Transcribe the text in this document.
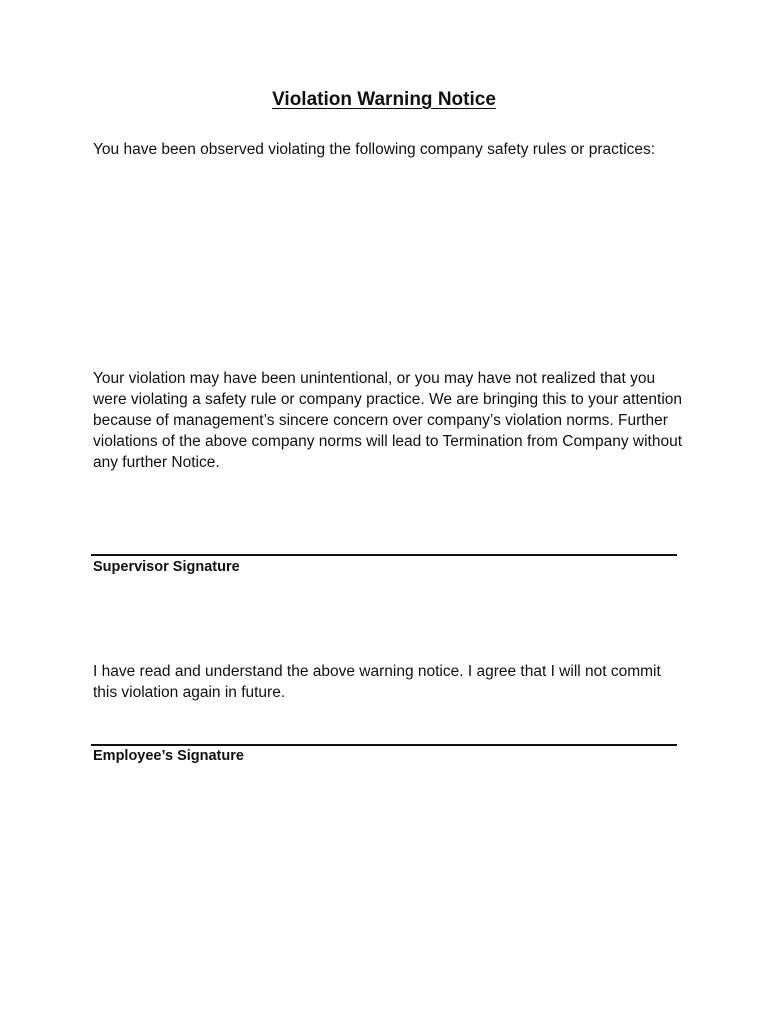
Violation Warning Notice

You have been observed violating the following company safety rules or practices:

Your violation may have been unintentional, or you may have not realized that you were violating a safety rule or company practice. We are bringing this to your attention because of management’s sincere concern over company’s violation norms. Further violations of the above company norms will lead to Termination from Company without any further Notice.

Supervisor Signature

I have read and understand the above warning notice. I agree that I will not commit this violation again in future.

Employee’s Signature
